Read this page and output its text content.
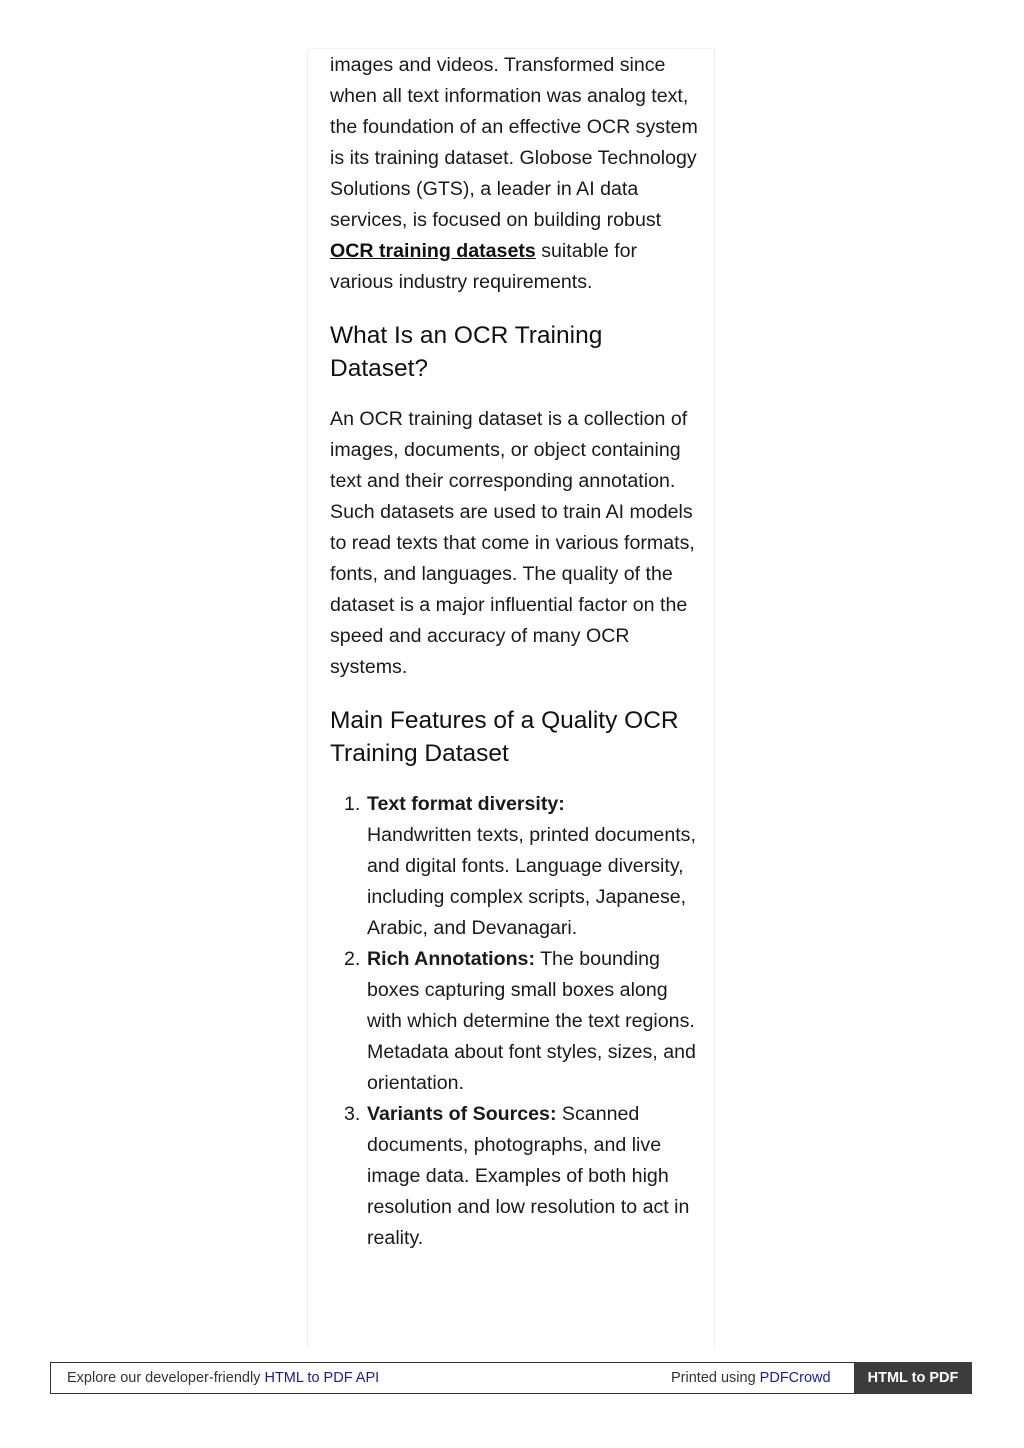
images and videos. Transformed since when all text information was analog text, the foundation of an effective OCR system is its training dataset. Globose Technology Solutions (GTS), a leader in AI data services, is focused on building robust OCR training datasets suitable for various industry requirements.

What Is an OCR Training Dataset?

An OCR training dataset is a collection of images, documents, or object containing text and their corresponding annotation. Such datasets are used to train AI models to read texts that come in various formats, fonts, and languages. The quality of the dataset is a major influential factor on the speed and accuracy of many OCR systems.

Main Features of a Quality OCR Training Dataset
1. Text format diversity:
Handwritten texts, printed documents, and digital fonts. Language diversity, including complex scripts, Japanese, Arabic, and Devanagari.
2. Rich Annotations: The bounding boxes capturing small boxes along with which determine the text regions. Metadata about font styles, sizes, and orientation.
3. Variants of Sources: Scanned documents, photographs, and live image data. Examples of both high resolution and low resolution to act in reality.
Explore our developer-friendly HTML to PDF API	Printed using PDFCrowd	HTML to PDF
